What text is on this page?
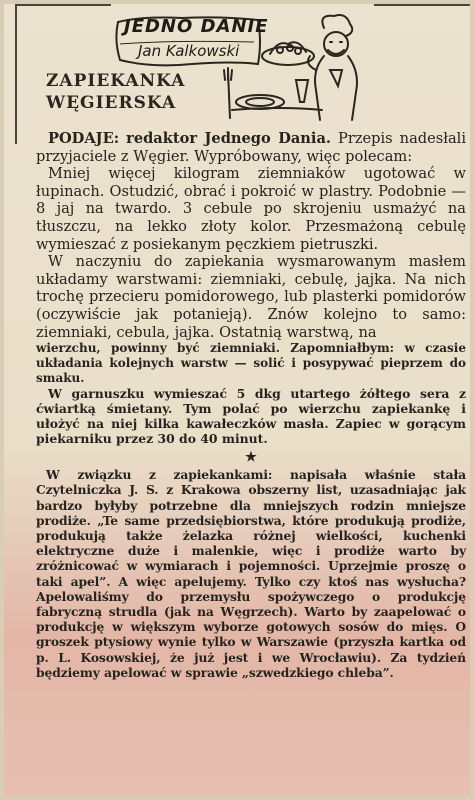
JEDNO DANIE
Jan Kalkowski
ZAPIEKANKA
WĘGIERSKA

PODAJE: redaktor Jednego Dania. Przepis nadesłali przyjaciele z Węgier. Wypróbowany, więc polecam:

Mniej więcej kilogram ziemniaków ugotować w łupinach. Ostudzić, obrać i pokroić w plastry. Podobnie — 8 jaj na twardo. 3 cebule po skrojeniu usmażyć na tłuszczu, na lekko złoty kolor. Przesmażoną cebulę wymieszać z posiekanym pęczkiem pietruszki.

W naczyniu do zapiekania wysmarowanym masłem układamy warstwami: ziemniaki, cebulę, jajka. Na nich trochę przecieru pomidorowego, lub plasterki pomidorów (oczywiście jak potanieją). Znów kolejno to samo: ziemniaki, cebula, jajka. Ostatnią warstwą, na

wierzchu, powinny być ziemniaki. Zapomniałbym: w czasie układania kolejnych warstw — solić i posypywać pieprzem do smaku.

W garnuszku wymieszać 5 dkg utartego żółtego sera z ćwiartką śmietany. Tym polać po wierzchu zapiekankę i ułożyć na niej kilka kawałeczków masła. Zapiec w gorącym piekarniku przez 30 do 40 minut.

★

W związku z zapiekankami: napisała właśnie stała Czytelniczka J. S. z Krakowa obszerny list, uzasadniając jak bardzo byłyby potrzebne dla mniejszych rodzin mniejsze prodiże. „Te same przedsiębiorstwa, które produkują prodiże, produkują także żelazka różnej wielkości, kuchenki elektryczne duże i malenkie, więc i prodiże warto by zróżnicować w wymiarach i pojemności. Uprzejmie proszę o taki apel”. A więc apelujemy. Tylko czy ktoś nas wysłucha? Apelowaliśmy do przemysłu spożywczego o produkcję fabryczną strudla (jak na Węgrzech). Warto by zaapelować o produkcję w większym wyborze gotowych sosów do mięs. O groszek ptysiowy wynie tylko w Warszawie (przyszła kartka od p. L. Kosowskiej, że już jest i we Wrocławiu). Za tydzień będziemy apelować w sprawie „szwedzkiego chleba”.
